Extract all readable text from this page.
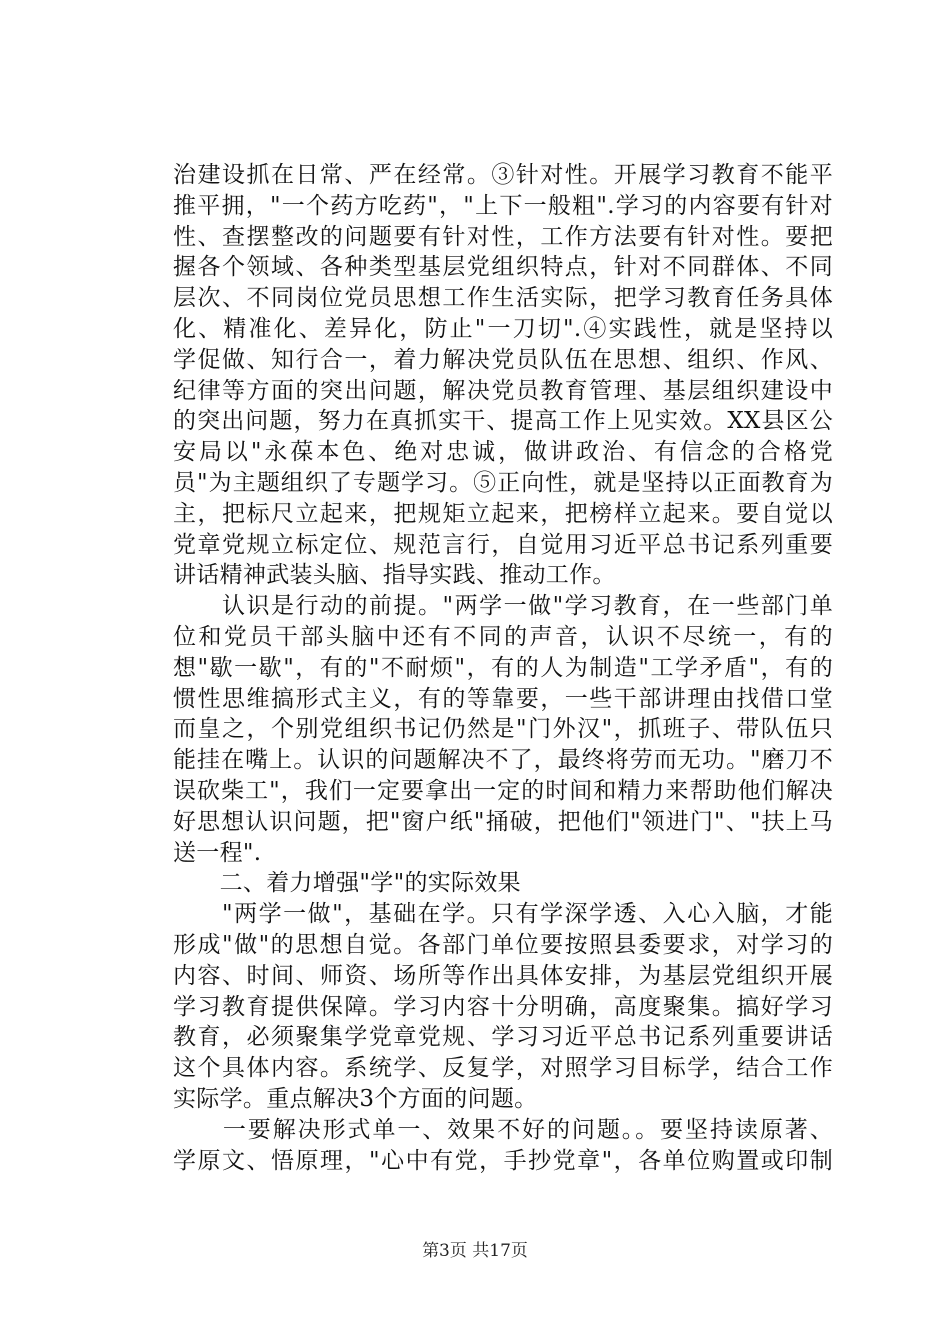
治建设抓在日常、严在经常。③针对性。开展学习教育不能平
推平拥，"一个药方吃药"，"上下一般粗".学习的内容要有针对
性、查摆整改的问题要有针对性，工作方法要有针对性。要把
握各个领域、各种类型基层党组织特点，针对不同群体、不同
层次、不同岗位党员思想工作生活实际，把学习教育任务具体
化、精准化、差异化，防止"一刀切".④实践性，就是坚持以
学促做、知行合一，着力解决党员队伍在思想、组织、作风、
纪律等方面的突出问题，解决党员教育管理、基层组织建设中
的突出问题，努力在真抓实干、提高工作上见实效。XX县区公
安局以"永葆本色、绝对忠诚，做讲政治、有信念的合格党
员"为主题组织了专题学习。⑤正向性，就是坚持以正面教育为
主，把标尺立起来，把规矩立起来，把榜样立起来。要自觉以
党章党规立标定位、规范言行，自觉用习近平总书记系列重要
讲话精神武装头脑、指导实践、推动工作。
　　认识是行动的前提。"两学一做"学习教育，在一些部门单
位和党员干部头脑中还有不同的声音，认识不尽统一，有的
想"歇一歇"，有的"不耐烦"，有的人为制造"工学矛盾"，有的
惯性思维搞形式主义，有的等靠要，一些干部讲理由找借口堂
而皇之，个别党组织书记仍然是"门外汉"，抓班子、带队伍只
能挂在嘴上。认识的问题解决不了，最终将劳而无功。"磨刀不
误砍柴工"，我们一定要拿出一定的时间和精力来帮助他们解决
好思想认识问题，把"窗户纸"捅破，把他们"领进门"、"扶上马
送一程".
　　二、着力增强"学"的实际效果
　　"两学一做"，基础在学。只有学深学透、入心入脑，才能
形成"做"的思想自觉。各部门单位要按照县委要求，对学习的
内容、时间、师资、场所等作出具体安排，为基层党组织开展
学习教育提供保障。学习内容十分明确，高度聚集。搞好学习
教育，必须聚集学党章党规、学习习近平总书记系列重要讲话
这个具体内容。系统学、反复学，对照学习目标学，结合工作
实际学。重点解决3个方面的问题。
　　一要解决形式单一、效果不好的问题。。要坚持读原著、
学原文、悟原理，"心中有党，手抄党章"，各单位购置或印制
第3页 共17页
